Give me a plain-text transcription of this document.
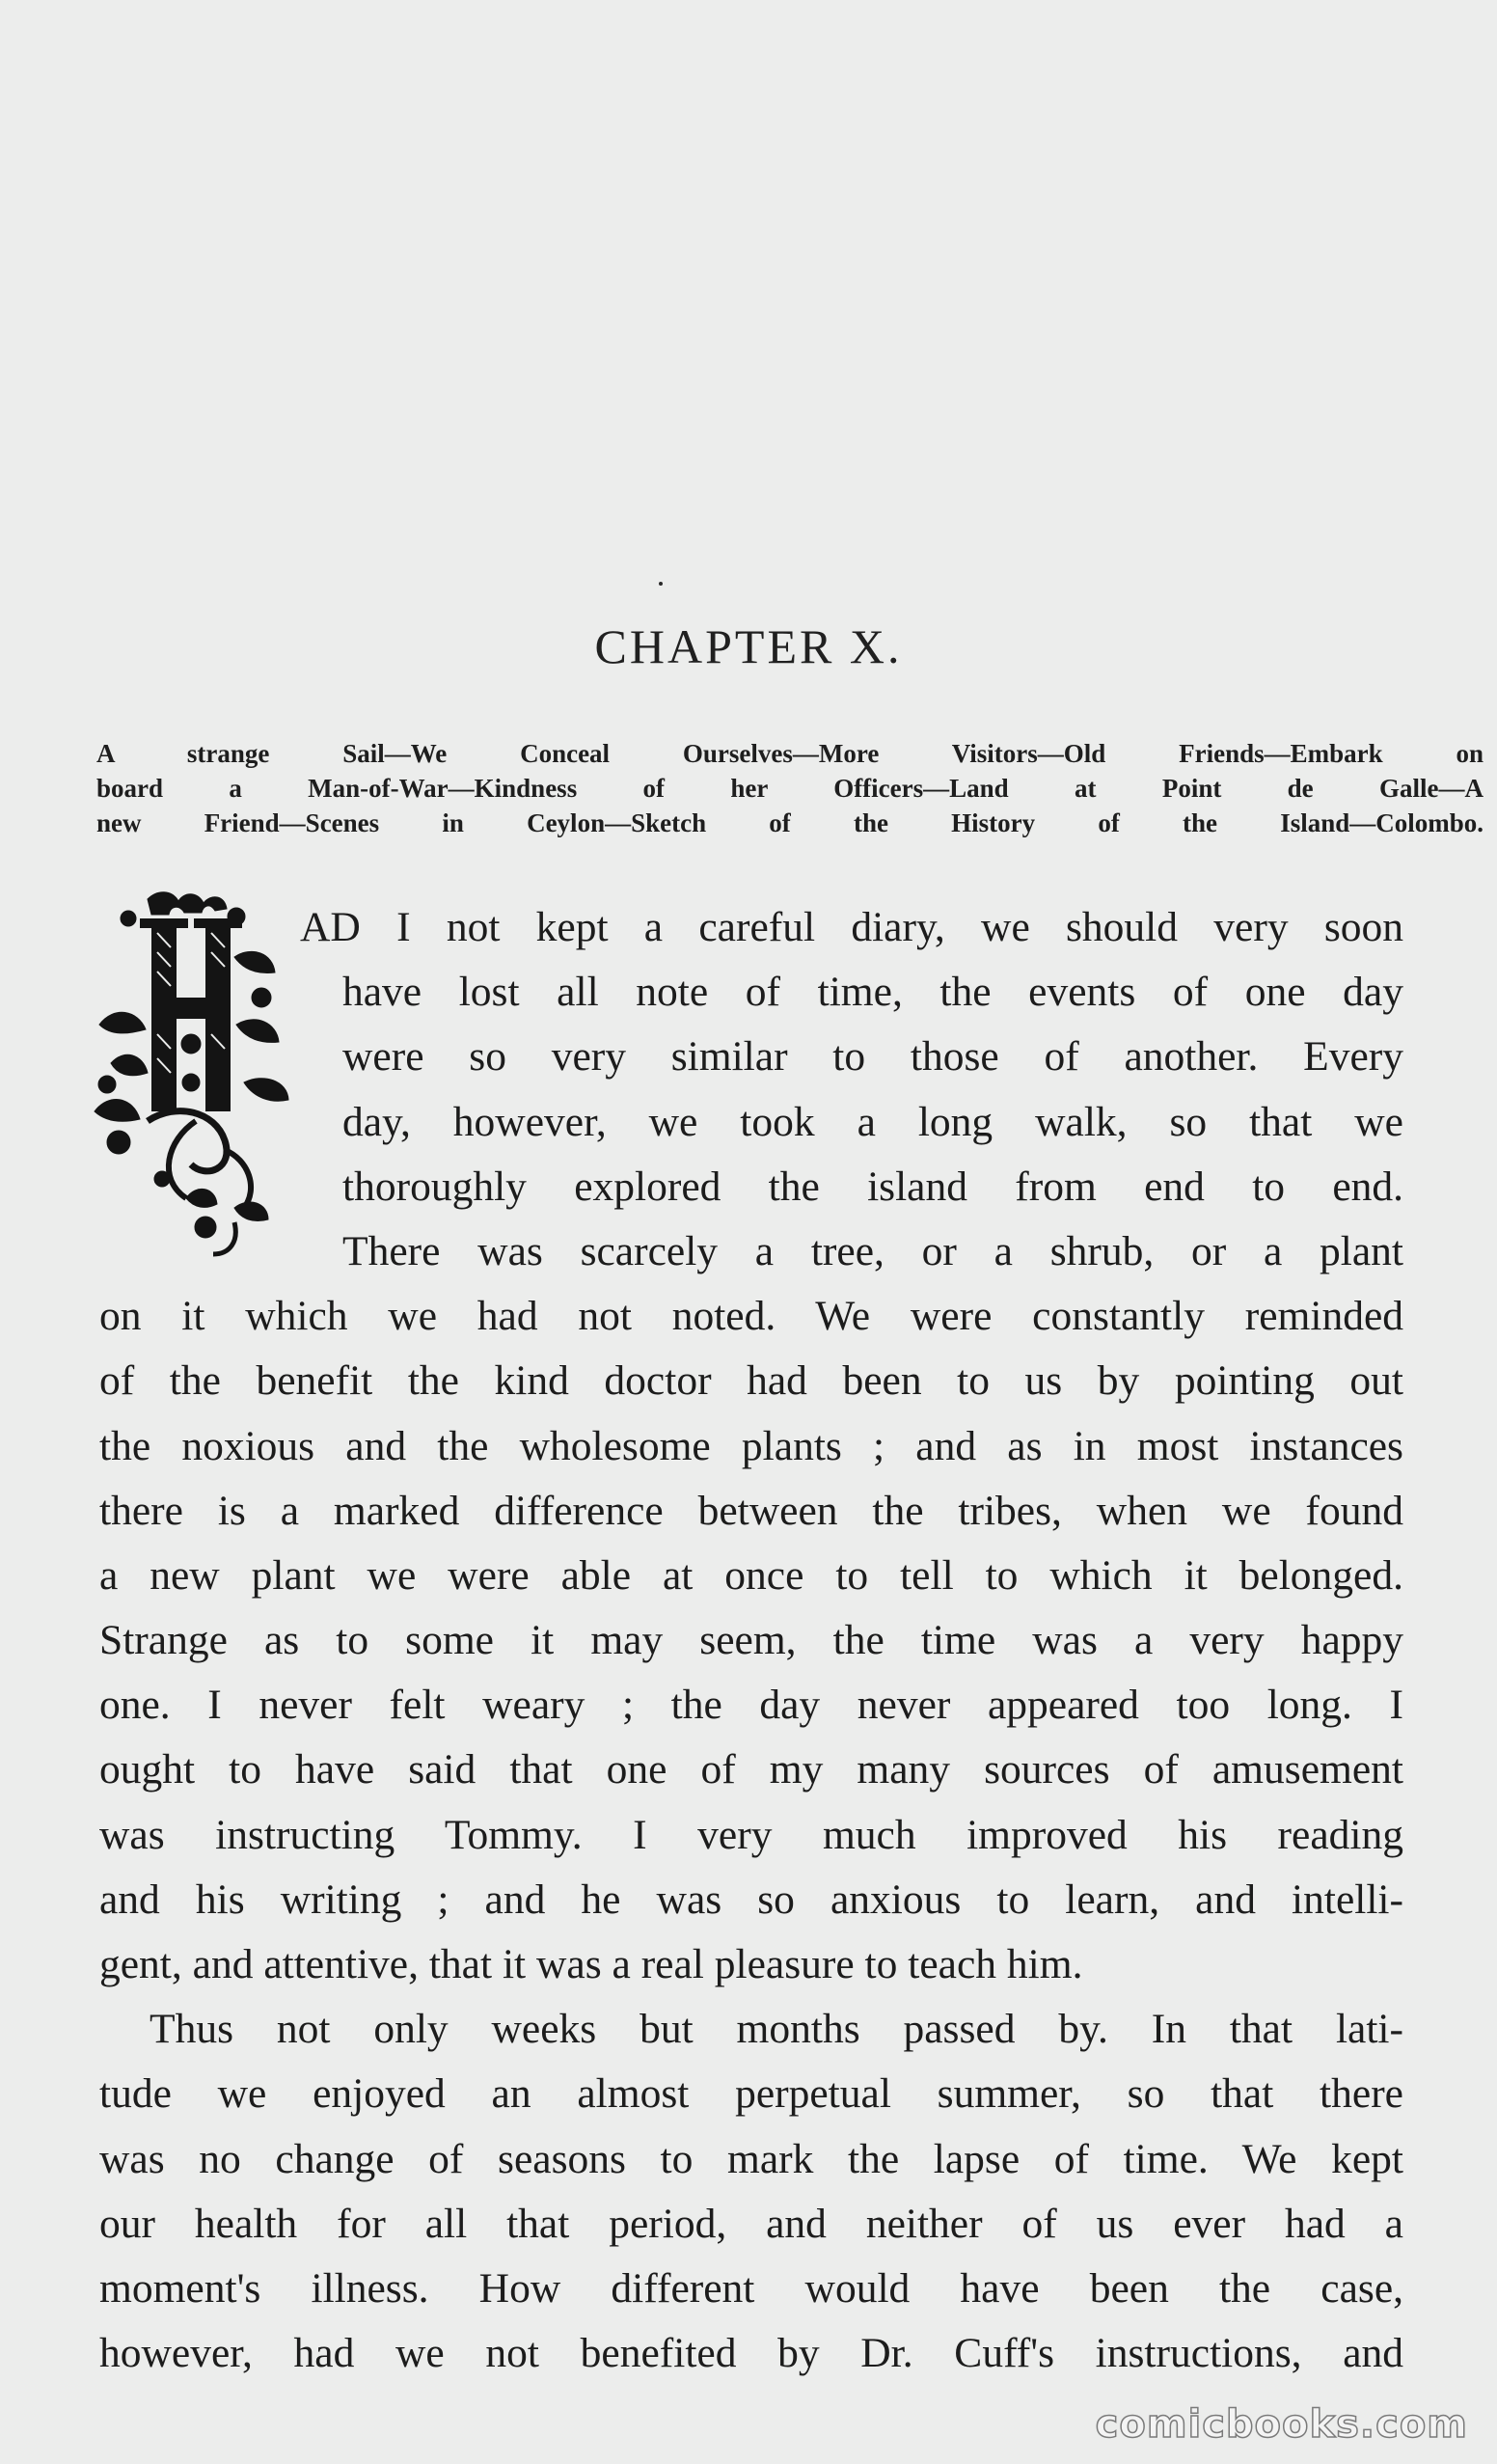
CHAPTER X.
A strange Sail—We Conceal Ourselves—More Visitors—Old Friends—Embark on
board a Man-of-War—Kindness of her Officers—Land at Point de Galle—A
new Friend—Scenes in Ceylon—Sketch of the History of the Island—Colombo.
AD I not kept a careful diary, we should very soon
have lost all note of time, the events of one day
were so very similar to those of another. Every
day, however, we took a long walk, so that we
thoroughly explored the island from end to end.
There was scarcely a tree, or a shrub, or a plant
on it which we had not noted. We were constantly reminded
of the benefit the kind doctor had been to us by pointing out
the noxious and the wholesome plants ; and as in most instances
there is a marked difference between the tribes, when we found
a new plant we were able at once to tell to which it belonged.
Strange as to some it may seem, the time was a very happy
one. I never felt weary ; the day never appeared too long. I
ought to have said that one of my many sources of amusement
was instructing Tommy. I very much improved his reading
and his writing ; and he was so anxious to learn, and intelli-
gent, and attentive, that it was a real pleasure to teach him.
Thus not only weeks but months passed by. In that lati-
tude we enjoyed an almost perpetual summer, so that there
was no change of seasons to mark the lapse of time. We kept
our health for all that period, and neither of us ever had a
moment's illness. How different would have been the case,
however, had we not benefited by Dr. Cuff's instructions, and
comicbooks.com
